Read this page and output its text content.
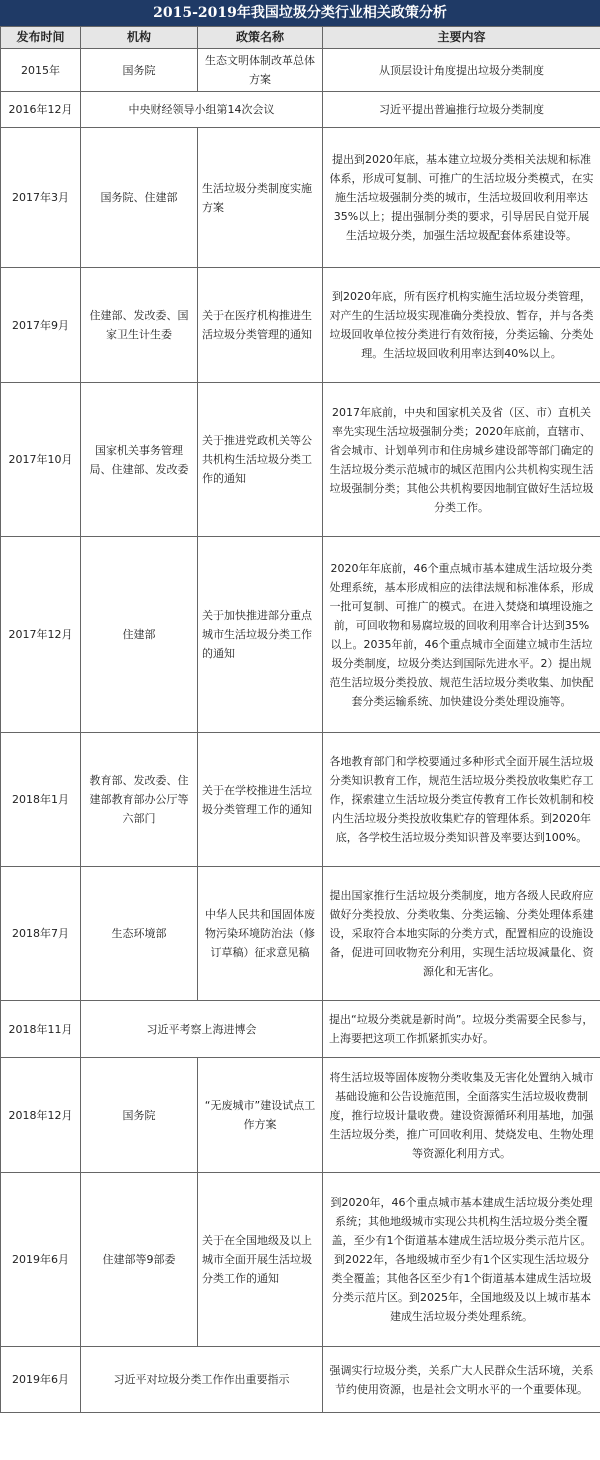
2015-2019年我国垃圾分类行业相关政策分析
发布时间	机构	政策名称	主要内容
2015年	国务院	生态文明体制改革总体方案	从顶层设计角度提出垃圾分类制度
2016年12月	中央财经领导小组第14次会议		习近平提出普遍推行垃圾分类制度
2017年3月	国务院、住建部	生活垃圾分类制度实施方案	提出到2020年底，基本建立垃圾分类相关法规和标准体系，形成可复制、可推广的生活垃圾分类模式，在实施生活垃圾强制分类的城市，生活垃圾回收利用率达35%以上；提出强制分类的要求，引导居民自觉开展生活垃圾分类，加强生活垃圾配套体系建设等。
2017年9月	住建部、发改委、国家卫生计生委	关于在医疗机构推进生活垃圾分类管理的通知	到2020年底，所有医疗机构实施生活垃圾分类管理，对产生的生活垃圾实现准确分类投放、暂存，并与各类垃圾回收单位按分类进行有效衔接，分类运输、分类处理。生活垃圾回收利用率达到40%以上。
2017年10月	国家机关事务管理局、住建部、发改委	关于推进党政机关等公共机构生活垃圾分类工作的通知	2017年底前，中央和国家机关及省（区、市）直机关率先实现生活垃圾强制分类；2020年底前，直辖市、省会城市、计划单列市和住房城乡建设部等部门确定的生活垃圾分类示范城市的城区范围内公共机构实现生活垃圾强制分类；其他公共机构要因地制宜做好生活垃圾分类工作。
2017年12月	住建部	关于加快推进部分重点城市生活垃圾分类工作的通知	2020年年底前，46个重点城市基本建成生活垃圾分类处理系统，基本形成相应的法律法规和标准体系，形成一批可复制、可推广的模式。在进入焚烧和填埋设施之前，可回收物和易腐垃圾的回收利用率合计达到35%以上。2035年前，46个重点城市全面建立城市生活垃圾分类制度，垃圾分类达到国际先进水平。2）提出规范生活垃圾分类投放、规范生活垃圾分类收集、加快配套分类运输系统、加快建设分类处理设施等。
2018年1月	教育部、发改委、住建部教育部办公厅等六部门	关于在学校推进生活垃圾分类管理工作的通知	各地教育部门和学校要通过多种形式全面开展生活垃圾分类知识教育工作，规范生活垃圾分类投放收集贮存工作，探索建立生活垃圾分类宣传教育工作长效机制和校内生活垃圾分类投放收集贮存的管理体系。到2020年底，各学校生活垃圾分类知识普及率要达到100%。
2018年7月	生态环境部	中华人民共和国固体废物污染环境防治法（修订草稿）征求意见稿	提出国家推行生活垃圾分类制度，地方各级人民政府应做好分类投放、分类收集、分类运输、分类处理体系建设，采取符合本地实际的分类方式，配置相应的设施设备，促进可回收物充分利用，实现生活垃圾减量化、资源化和无害化。
2018年11月	习近平考察上海进博会		提出“垃圾分类就是新时尚”。垃圾分类需要全民参与，上海要把这项工作抓紧抓实办好。
2018年12月	国务院	“无废城市”建设试点工作方案	将生活垃圾等固体废物分类收集及无害化处置纳入城市基础设施和公告设施范围，全面落实生活垃圾收费制度，推行垃圾计量收费。建设资源循环利用基地，加强生活垃圾分类，推广可回收利用、焚烧发电、生物处理等资源化利用方式。
2019年6月	住建部等9部委	关于在全国地级及以上城市全面开展生活垃圾分类工作的通知	到2020年，46个重点城市基本建成生活垃圾分类处理系统；其他地级城市实现公共机构生活垃圾分类全覆盖，至少有1个街道基本建成生活垃圾分类示范片区。到2022年，各地级城市至少有1个区实现生活垃圾分类全覆盖；其他各区至少有1个街道基本建成生活垃圾分类示范片区。到2025年，全国地级及以上城市基本建成生活垃圾分类处理系统。
2019年6月	习近平对垃圾分类工作作出重要指示		强调实行垃圾分类，关系广大人民群众生活环境，关系节约使用资源，也是社会文明水平的一个重要体现。
